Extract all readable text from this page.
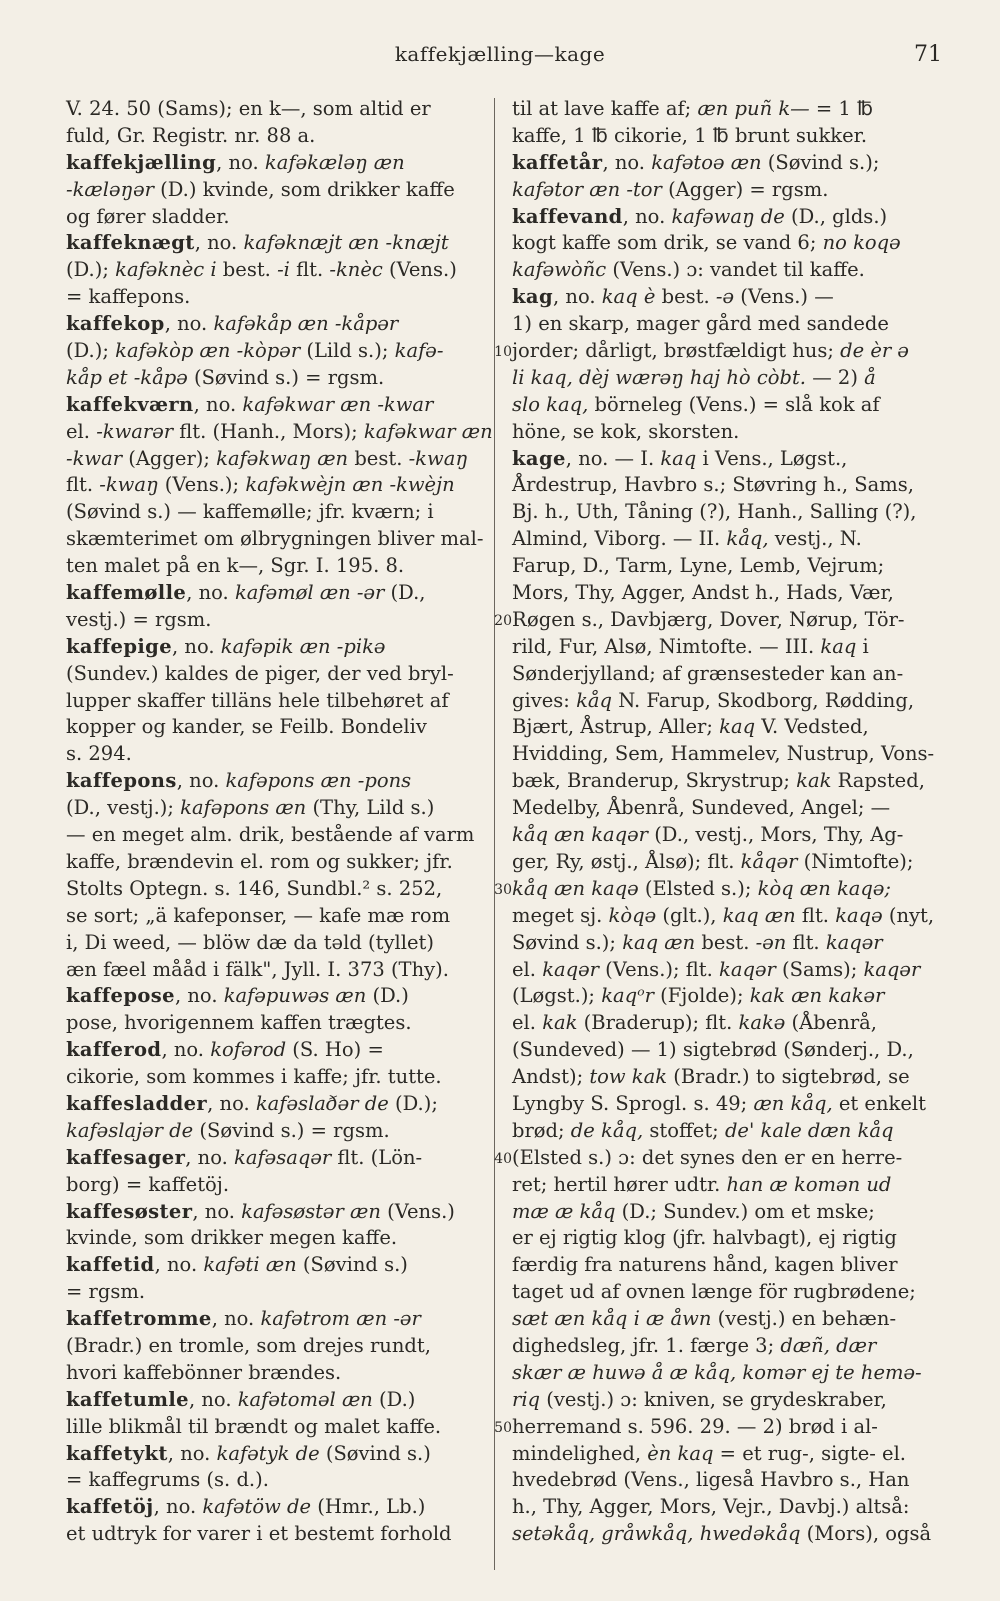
kaffekjælling—kage	71
V. 24. 50 (Sams); en k—, som altid er
fuld, Gr. Registr. nr. 88 a.
kaffekjælling, no. kafəkæləŋ æn
-kæləŋər (D.) kvinde, som drikker kaffe
og fører sladder.
kaffeknægt, no. kafəknæjt æn -knæjt
(D.); kafəknèc i best. -i flt. -knèc (Vens.)
= kaffepons.
kaffekop, no. kafəkåp æn -kåpər
(D.); kafəkòp æn -kòpər (Lild s.); kafə-
kåp et -kåpə (Søvind s.) = rgsm.
kaffekværn, no. kafəkwar æn -kwar
el. -kwarər flt. (Hanh., Mors); kafəkwar æn
-kwar (Agger); kafəkwaŋ æn best. -kwaŋ
flt. -kwaŋ (Vens.); kafəkwèjn æn -kwèjn
(Søvind s.) — kaffemølle; jfr. kværn; i
skæmterimet om ølbrygningen bliver mal-
ten malet på en k—, Sgr. I. 195. 8.
kaffemølle, no. kafəmøl æn -ər (D.,
vestj.) = rgsm.
kaffepige, no. kafəpik æn -pikə
(Sundev.) kaldes de piger, der ved bryl-
lupper skaffer tilläns hele tilbehøret af
kopper og kander, se Feilb. Bondeliv
s. 294.
kaffepons, no. kafəpons æn -pons
(D., vestj.); kafəpons æn (Thy, Lild s.)
— en meget alm. drik, bestående af varm
kaffe, brændevin el. rom og sukker; jfr.
Stolts Optegn. s. 146, Sundbl.² s. 252,
se sort; „ä kafeponser, — kafe mæ rom
i, Di weed, — blöw dæ da təld (tyllet)
æn fæel mååd i fälk", Jyll. I. 373 (Thy).
kaffepose, no. kafəpuwəs æn (D.)
pose, hvorigennem kaffen trægtes.
kafferod, no. kofərod (S. Ho) =
cikorie, som kommes i kaffe; jfr. tutte.
kaffesladder, no. kafəslaðər de (D.);
kafəslajər de (Søvind s.) = rgsm.
kaffesager, no. kafəsaqər flt. (Lön-
borg) = kaffetöj.
kaffesøster, no. kafəsøstər æn (Vens.)
kvinde, som drikker megen kaffe.
kaffetid, no. kafəti æn (Søvind s.)
= rgsm.
kaffetromme, no. kafətrom æn -ər
(Bradr.) en tromle, som drejes rundt,
hvori kaffebönner brændes.
kaffetumle, no. kafətoməl æn (D.)
lille blikmål til brændt og malet kaffe.
kaffetykt, no. kafətyk de (Søvind s.)
= kaffegrums (s. d.).
kaffetöj, no. kafətöw de (Hmr., Lb.)
et udtryk for varer i et bestemt forhold
til at lave kaffe af; æn puñ k— = 1 ℔
kaffe, 1 ℔ cikorie, 1 ℔ brunt sukker.
kaffetår, no. kafətoə æn (Søvind s.);
kafətor æn -tor (Agger) = rgsm.
kaffevand, no. kafəwaŋ de (D., glds.)
kogt kaffe som drik, se vand 6; no koqə
kafəwòñc (Vens.) ɔ: vandet til kaffe.
kag, no. kaq è best. -ə (Vens.) —
1) en skarp, mager gård med sandede
jorder; dårligt, brøstfældigt hus; de èr ə
li kaq, dèj wærəŋ haj hò còbt. — 2) å
slo kaq, börneleg (Vens.) = slå kok af
höne, se kok, skorsten.
kage, no. — I. kaq i Vens., Løgst.,
Årdestrup, Havbro s.; Støvring h., Sams,
Bj. h., Uth, Tåning (?), Hanh., Salling (?),
Almind, Viborg. — II. kåq, vestj., N.
Farup, D., Tarm, Lyne, Lemb, Vejrum;
Mors, Thy, Agger, Andst h., Hads, Vær,
Røgen s., Davbjærg, Dover, Nørup, Tör-
rild, Fur, Alsø, Nimtofte. — III. kaq i
Sønderjylland; af grænsesteder kan an-
gives: kåq N. Farup, Skodborg, Rødding,
Bjært, Åstrup, Aller; kaq V. Vedsted,
Hvidding, Sem, Hammelev, Nustrup, Vons-
bæk, Branderup, Skrystrup; kak Rapsted,
Medelby, Åbenrå, Sundeved, Angel; —
kåq æn kaqər (D., vestj., Mors, Thy, Ag-
ger, Ry, østj., Ålsø); flt. kåqər (Nimtofte);
kåq æn kaqə (Elsted s.); kòq æn kaqə;
meget sj. kòqə (glt.), kaq æn flt. kaqə (nyt,
Søvind s.); kaq æn best. -ən flt. kaqər
el. kaqər (Vens.); flt. kaqər (Sams); kaqər
(Løgst.); kaqᵒr (Fjolde); kak æn kakər
el. kak (Braderup); flt. kakə (Åbenrå,
(Sundeved) — 1) sigtebrød (Sønderj., D.,
Andst); tow kak (Bradr.) to sigtebrød, se
Lyngby S. Sprogl. s. 49; æn kåq, et enkelt
brød; de kåq, stoffet; de' kale dæn kåq
(Elsted s.) ɔ: det synes den er en herre-
ret; hertil hører udtr. han æ komən ud
mæ æ kåq (D.; Sundev.) om et mske;
er ej rigtig klog (jfr. halvbagt), ej rigtig
færdig fra naturens hånd, kagen bliver
taget ud af ovnen længe för rugbrødene;
sæt æn kåq i æ åwn (vestj.) en behæn-
dighedsleg, jfr. 1. færge 3; dæñ, dær
skær æ huwə å æ kåq, komər ej te hemə-
riq (vestj.) ɔ: kniven, se grydeskraber,
herremand s. 596. 29. — 2) brød i al-
mindelighed, èn kaq = et rug-, sigte- el.
hvedebrød (Vens., ligeså Havbro s., Han
h., Thy, Agger, Mors, Vejr., Davbj.) altså:
setəkåq, gråwkåq, hwedəkåq (Mors), også
10
20
30
40
50
